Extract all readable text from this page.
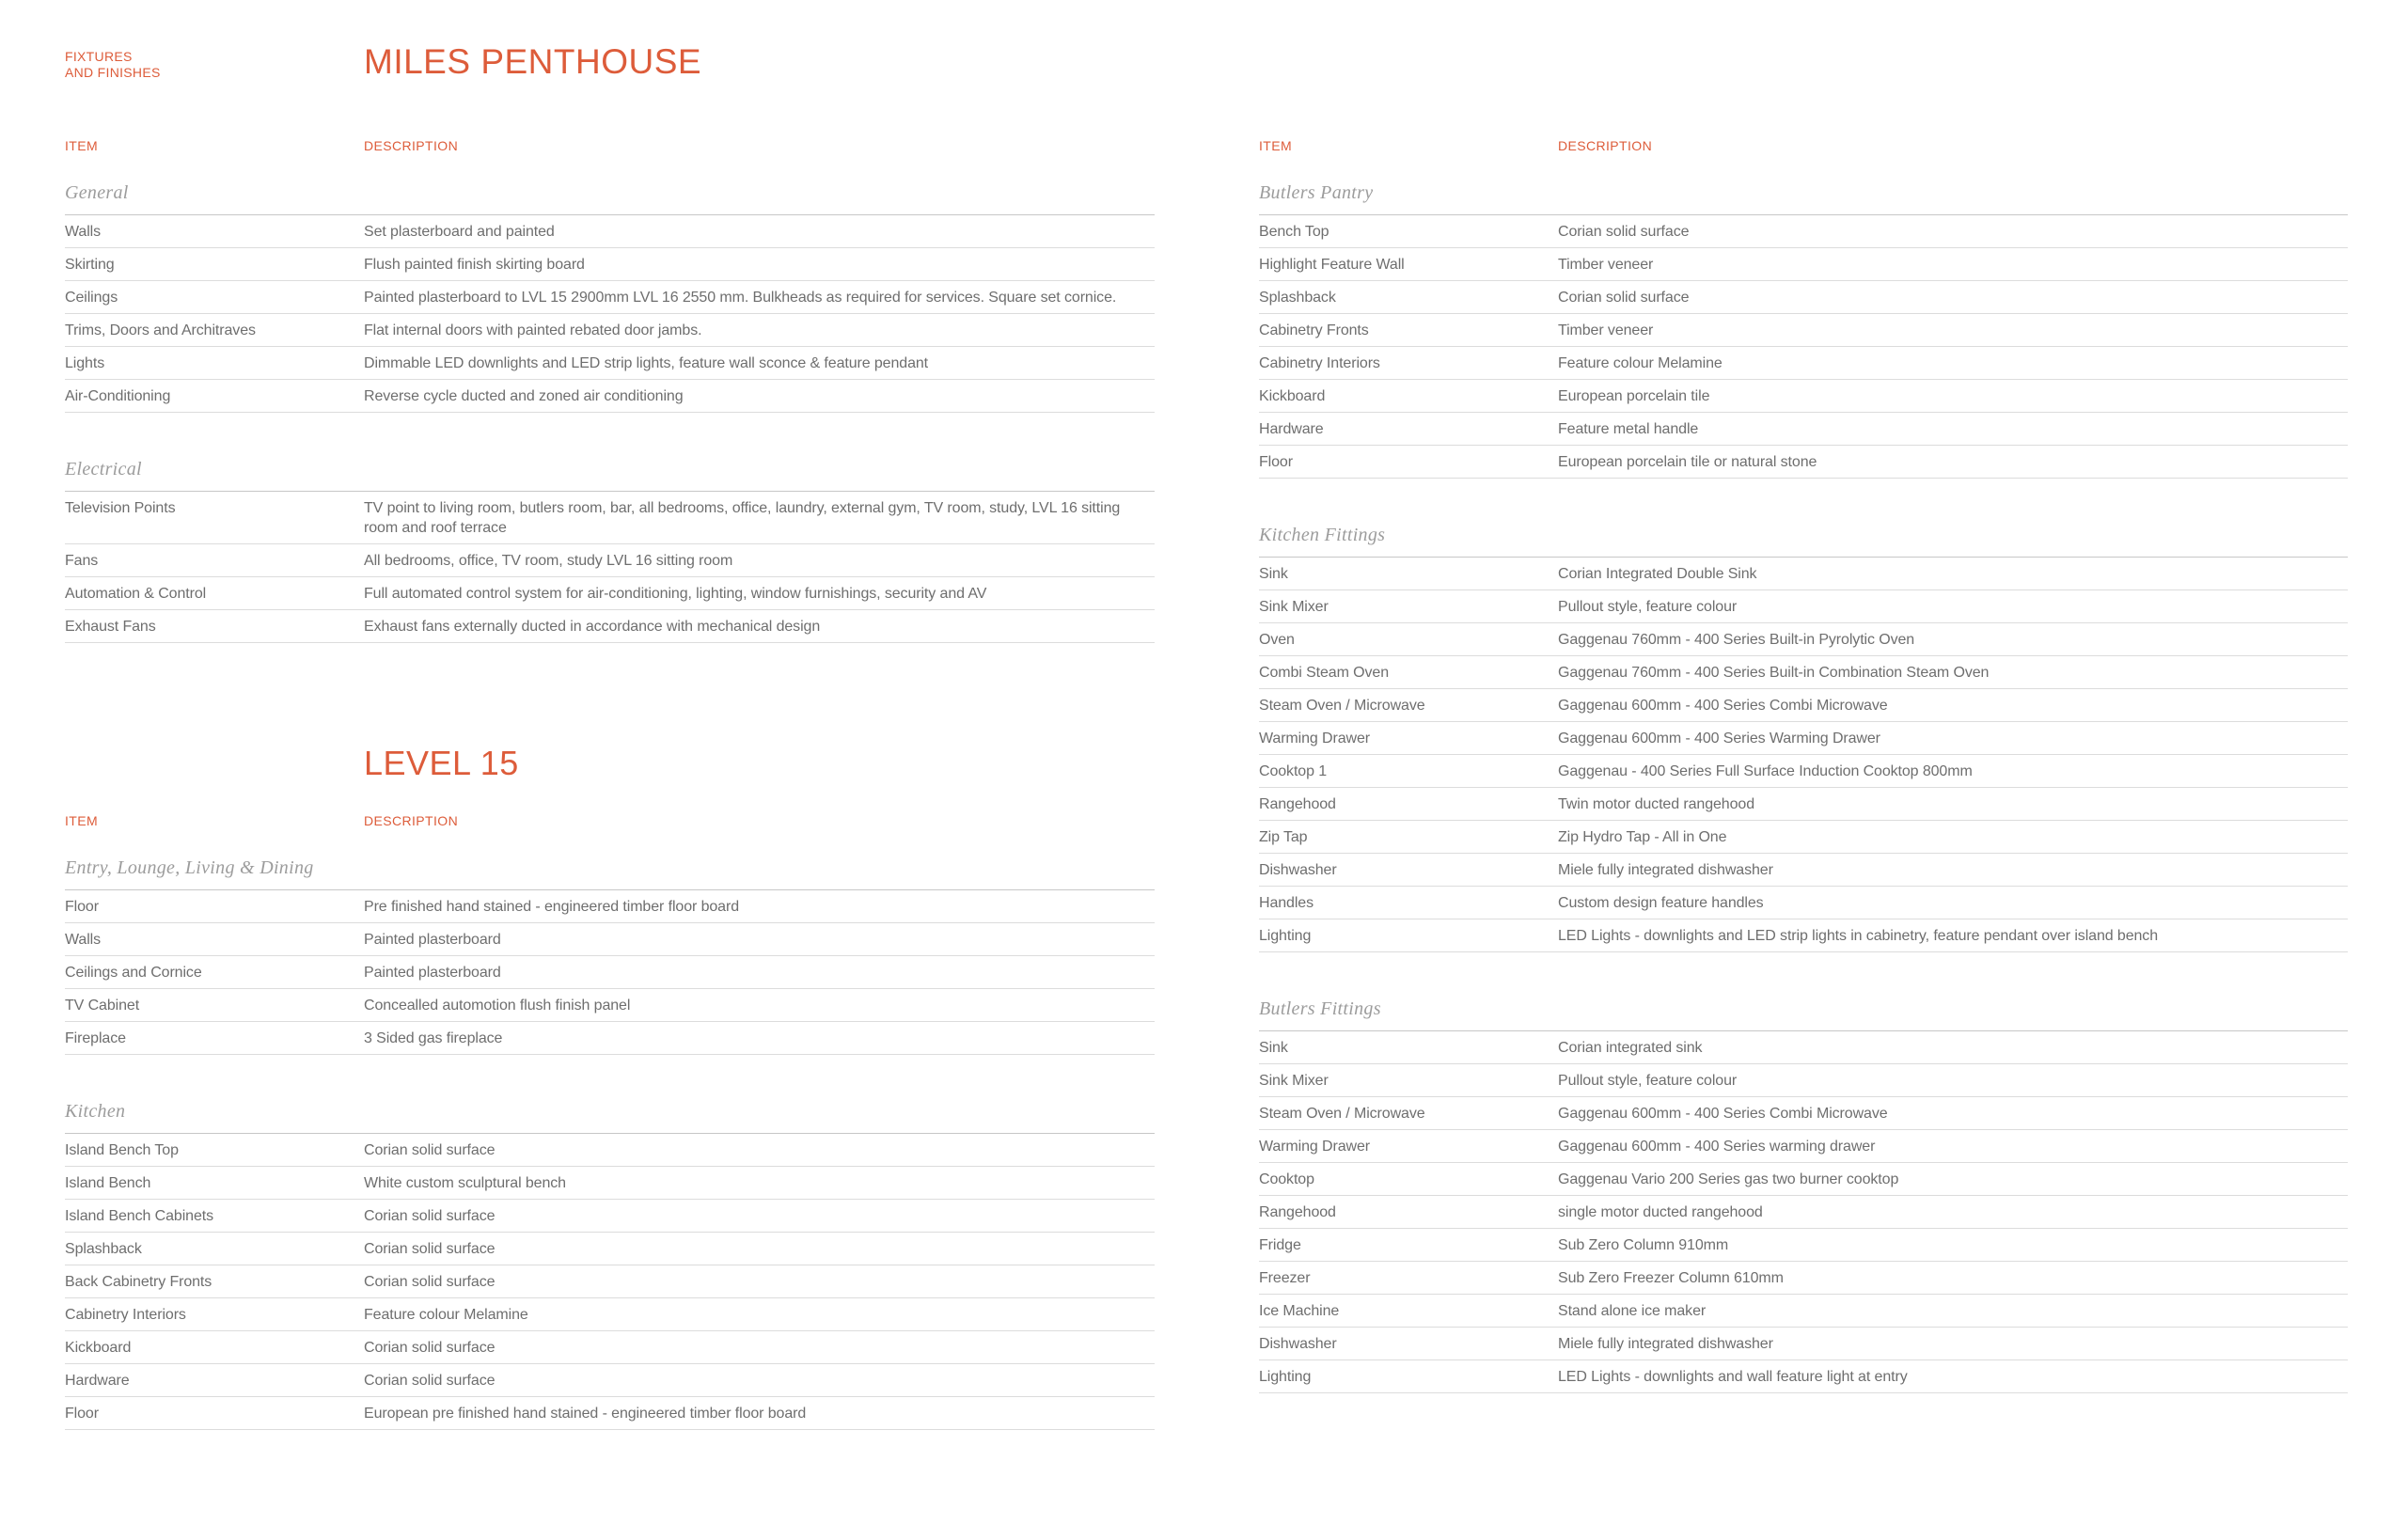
FIXTURES
AND FINISHES	MILES PENTHOUSE
ITEM	DESCRIPTION
General
Walls	Set plasterboard and painted
Skirting	Flush painted finish skirting board
Ceilings	Painted plasterboard to LVL 15 2900mm LVL 16 2550 mm. Bulkheads as required for services. Square set cornice.
Trims, Doors and Architraves	Flat internal doors with painted rebated door jambs.
Lights	Dimmable LED downlights and LED strip lights, feature wall sconce & feature pendant
Air-Conditioning	Reverse cycle ducted and zoned air conditioning
Electrical
Television Points	TV point to living room, butlers room, bar, all bedrooms, office, laundry, external gym, TV room, study, LVL 16 sitting room and roof terrace
Fans	All bedrooms, office, TV room, study LVL 16 sitting room
Automation & Control	Full automated control system for air-conditioning, lighting, window furnishings, security and AV
Exhaust Fans	Exhaust fans externally ducted in accordance with mechanical design
LEVEL 15
ITEM	DESCRIPTION
Entry, Lounge, Living & Dining
Floor	Pre finished hand stained - engineered timber floor board
Walls	Painted plasterboard
Ceilings and Cornice	Painted plasterboard
TV Cabinet	Concealled automotion flush finish panel
Fireplace	3 Sided gas fireplace
Kitchen
Island Bench Top	Corian solid surface
Island Bench	White custom sculptural bench
Island Bench Cabinets	Corian solid surface
Splashback	Corian solid surface
Back Cabinetry Fronts	Corian solid surface
Cabinetry Interiors	Feature colour Melamine
Kickboard	Corian solid surface
Hardware	Corian solid surface
Floor	European pre finished hand stained - engineered timber floor board
ITEM	DESCRIPTION
Butlers Pantry
Bench Top	Corian solid surface
Highlight Feature Wall	Timber veneer
Splashback	Corian solid surface
Cabinetry Fronts	Timber veneer
Cabinetry Interiors	Feature colour Melamine
Kickboard	European porcelain tile
Hardware	Feature metal handle
Floor	European porcelain tile or natural stone
Kitchen Fittings
Sink	Corian Integrated Double Sink
Sink Mixer	Pullout style, feature colour
Oven	Gaggenau 760mm - 400 Series Built-in Pyrolytic Oven
Combi Steam Oven	Gaggenau 760mm - 400 Series Built-in Combination Steam Oven
Steam Oven / Microwave	Gaggenau 600mm - 400 Series Combi Microwave
Warming Drawer	Gaggenau 600mm - 400 Series Warming Drawer
Cooktop 1	Gaggenau - 400 Series Full Surface Induction Cooktop 800mm
Rangehood	Twin motor ducted rangehood
Zip Tap	Zip Hydro Tap - All in One
Dishwasher	Miele fully integrated dishwasher
Handles	Custom design feature handles
Lighting	LED Lights - downlights and LED strip lights in cabinetry, feature pendant over island bench
Butlers Fittings
Sink	Corian integrated sink
Sink Mixer	Pullout style, feature colour
Steam Oven / Microwave	Gaggenau 600mm - 400 Series Combi Microwave
Warming Drawer	Gaggenau 600mm - 400 Series warming drawer
Cooktop	Gaggenau Vario 200 Series gas two burner cooktop
Rangehood	single motor ducted rangehood
Fridge	Sub Zero Column 910mm
Freezer	Sub Zero Freezer Column 610mm
Ice Machine	Stand alone ice maker
Dishwasher	Miele fully integrated dishwasher
Lighting	LED Lights - downlights and wall feature light at entry
